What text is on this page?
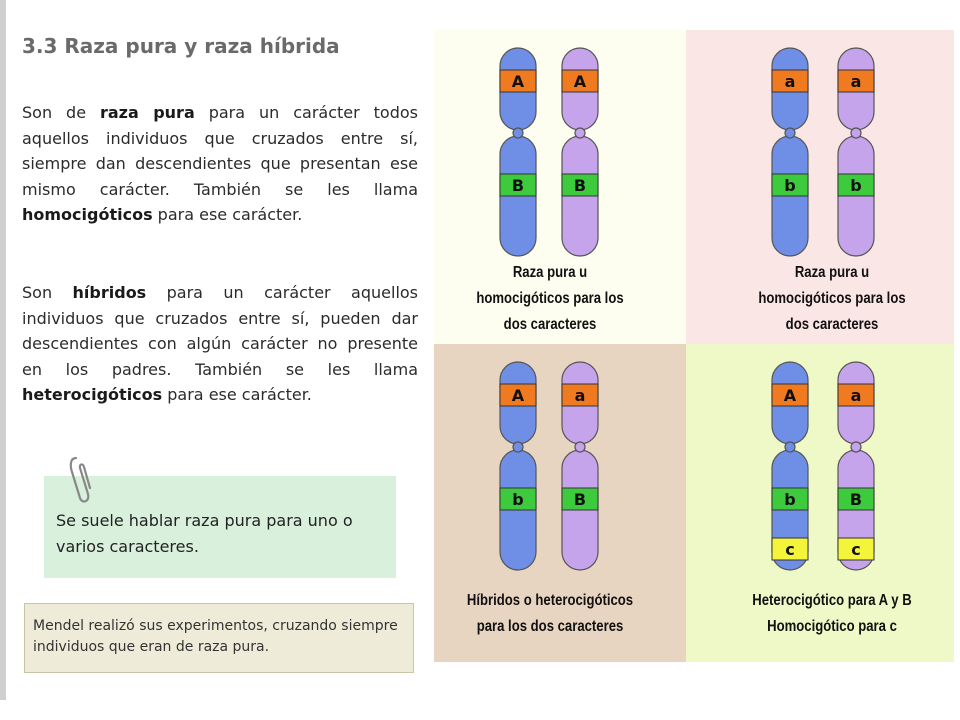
3.3 Raza pura y raza híbrida
Son de raza pura para un carácter todos aquellos individuos que cruzados entre sí, siempre dan descendientes que presentan ese mismo carácter. También se les llama homocigóticos para ese carácter.
Son híbridos para un carácter aquellos individuos que cruzados entre sí, pueden dar descendientes con algún carácter no presente en los padres. También se les llama heterocigóticos para ese carácter.
Se suele hablar raza pura para uno o varios caracteres.
Mendel realizó sus experimentos, cruzando siempre individuos que eran de raza pura.
A
B
A
B
Raza pura u
homocigóticos para los
dos caracteres
a
b
a
b
Raza pura u
homocigóticos para los
dos caracteres
A
b
a
B
Híbridos o heterocigóticos
para los dos caracteres
A
b
c
a
B
c
Heterocigótico para A y B
Homocigótico para c
